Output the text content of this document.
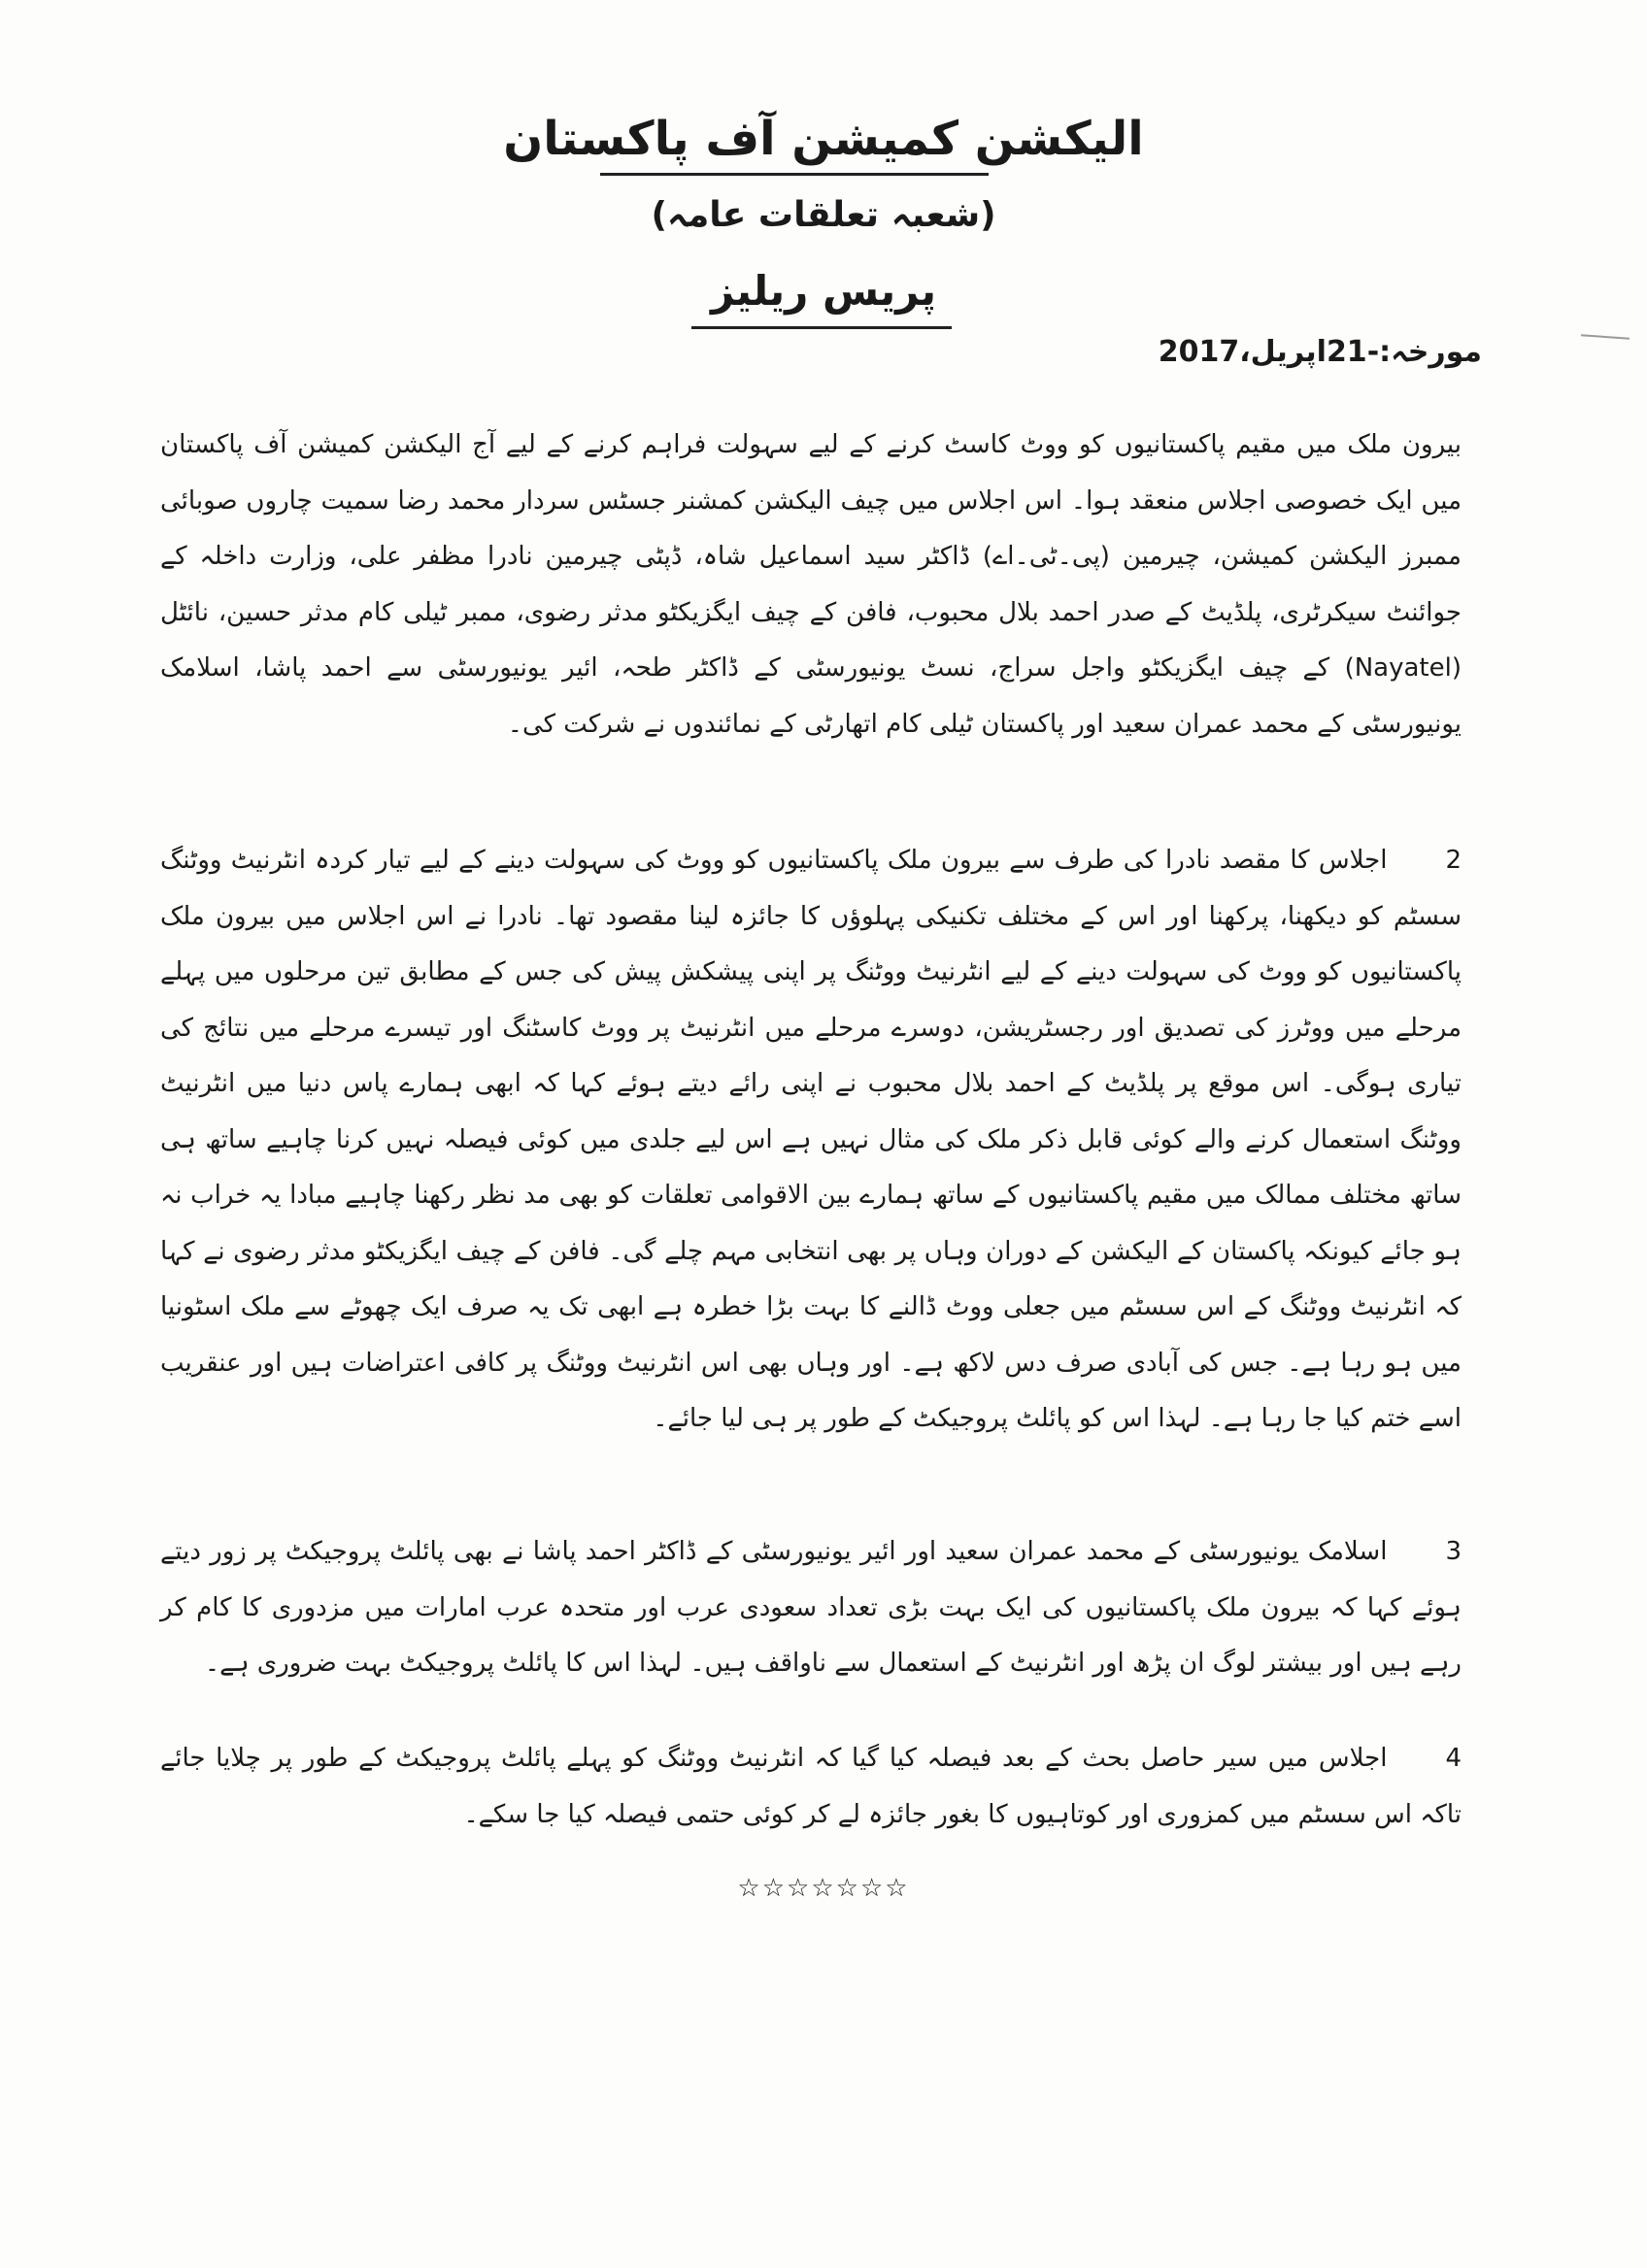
الیکشن کمیشن آف پاکستان
(شعبہ تعلقات عامہ)
پریس ریلیز
مورخہ:-21اپریل،2017

بیرون ملک میں مقیم پاکستانیوں کو ووٹ کاسٹ کرنے کے لیے سہولت فراہم کرنے کے لیے آج الیکشن کمیشن آف پاکستان میں ایک خصوصی اجلاس منعقد ہوا۔ اس اجلاس میں چیف الیکشن کمشنر جسٹس سردار محمد رضا سمیت چاروں صوبائی ممبرز الیکشن کمیشن، چیرمین (پی۔ٹی۔اے) ڈاکٹر سید اسماعیل شاہ، ڈپٹی چیرمین نادرا مظفر علی، وزارت داخلہ کے جوائنٹ سیکرٹری، پلڈیٹ کے صدر احمد بلال محبوب، فافن کے چیف ایگزیکٹو مدثر رضوی، ممبر ٹیلی کام مدثر حسین، نائٹل (Nayatel) کے چیف ایگزیکٹو واجل سراج، نسٹ یونیورسٹی کے ڈاکٹر طحہ، ائیر یونیورسٹی سے احمد پاشا، اسلامک یونیورسٹی کے محمد عمران سعید اور پاکستان ٹیلی کام اتھارٹی کے نمائندوں نے شرکت کی۔

2اجلاس کا مقصد نادرا کی طرف سے بیرون ملک پاکستانیوں کو ووٹ کی سہولت دینے کے لیے تیار کردہ انٹرنیٹ ووٹنگ سسٹم کو دیکھنا، پرکھنا اور اس کے مختلف تکنیکی پہلوؤں کا جائزہ لینا مقصود تھا۔ نادرا نے اس اجلاس میں بیرون ملک پاکستانیوں کو ووٹ کی سہولت دینے کے لیے انٹرنیٹ ووٹنگ پر اپنی پیشکش پیش کی جس کے مطابق تین مرحلوں میں پہلے مرحلے میں ووٹرز کی تصدیق اور رجسٹریشن، دوسرے مرحلے میں انٹرنیٹ پر ووٹ کاسٹنگ اور تیسرے مرحلے میں نتائج کی تیاری ہوگی۔ اس موقع پر پلڈیٹ کے احمد بلال محبوب نے اپنی رائے دیتے ہوئے کہا کہ ابھی ہمارے پاس دنیا میں انٹرنیٹ ووٹنگ استعمال کرنے والے کوئی قابل ذکر ملک کی مثال نہیں ہے اس لیے جلدی میں کوئی فیصلہ نہیں کرنا چاہیے ساتھ ہی ساتھ مختلف ممالک میں مقیم پاکستانیوں کے ساتھ ہمارے بین الاقوامی تعلقات کو بھی مد نظر رکھنا چاہیے مبادا یہ خراب نہ ہو جائے کیونکہ پاکستان کے الیکشن کے دوران وہاں پر بھی انتخابی مہم چلے گی۔ فافن کے چیف ایگزیکٹو مدثر رضوی نے کہا کہ انٹرنیٹ ووٹنگ کے اس سسٹم میں جعلی ووٹ ڈالنے کا بہت بڑا خطرہ ہے ابھی تک یہ صرف ایک چھوٹے سے ملک اسٹونیا میں ہو رہا ہے۔ جس کی آبادی صرف دس لاکھ ہے۔ اور وہاں بھی اس انٹرنیٹ ووٹنگ پر کافی اعتراضات ہیں اور عنقریب اسے ختم کیا جا رہا ہے۔ لہذا اس کو پائلٹ پروجیکٹ کے طور پر ہی لیا جائے۔

3اسلامک یونیورسٹی کے محمد عمران سعید اور ائیر یونیورسٹی کے ڈاکٹر احمد پاشا نے بھی پائلٹ پروجیکٹ پر زور دیتے ہوئے کہا کہ بیرون ملک پاکستانیوں کی ایک بہت بڑی تعداد سعودی عرب اور متحدہ عرب امارات میں مزدوری کا کام کر رہے ہیں اور بیشتر لوگ ان پڑھ اور انٹرنیٹ کے استعمال سے ناواقف ہیں۔ لہذا اس کا پائلٹ پروجیکٹ بہت ضروری ہے۔

4اجلاس میں سیر حاصل بحث کے بعد فیصلہ کیا گیا کہ انٹرنیٹ ووٹنگ کو پہلے پائلٹ پروجیکٹ کے طور پر چلایا جائے تاکہ اس سسٹم میں کمزوری اور کوتاہیوں کا بغور جائزہ لے کر کوئی حتمی فیصلہ کیا جا سکے۔

☆☆☆☆☆☆☆
